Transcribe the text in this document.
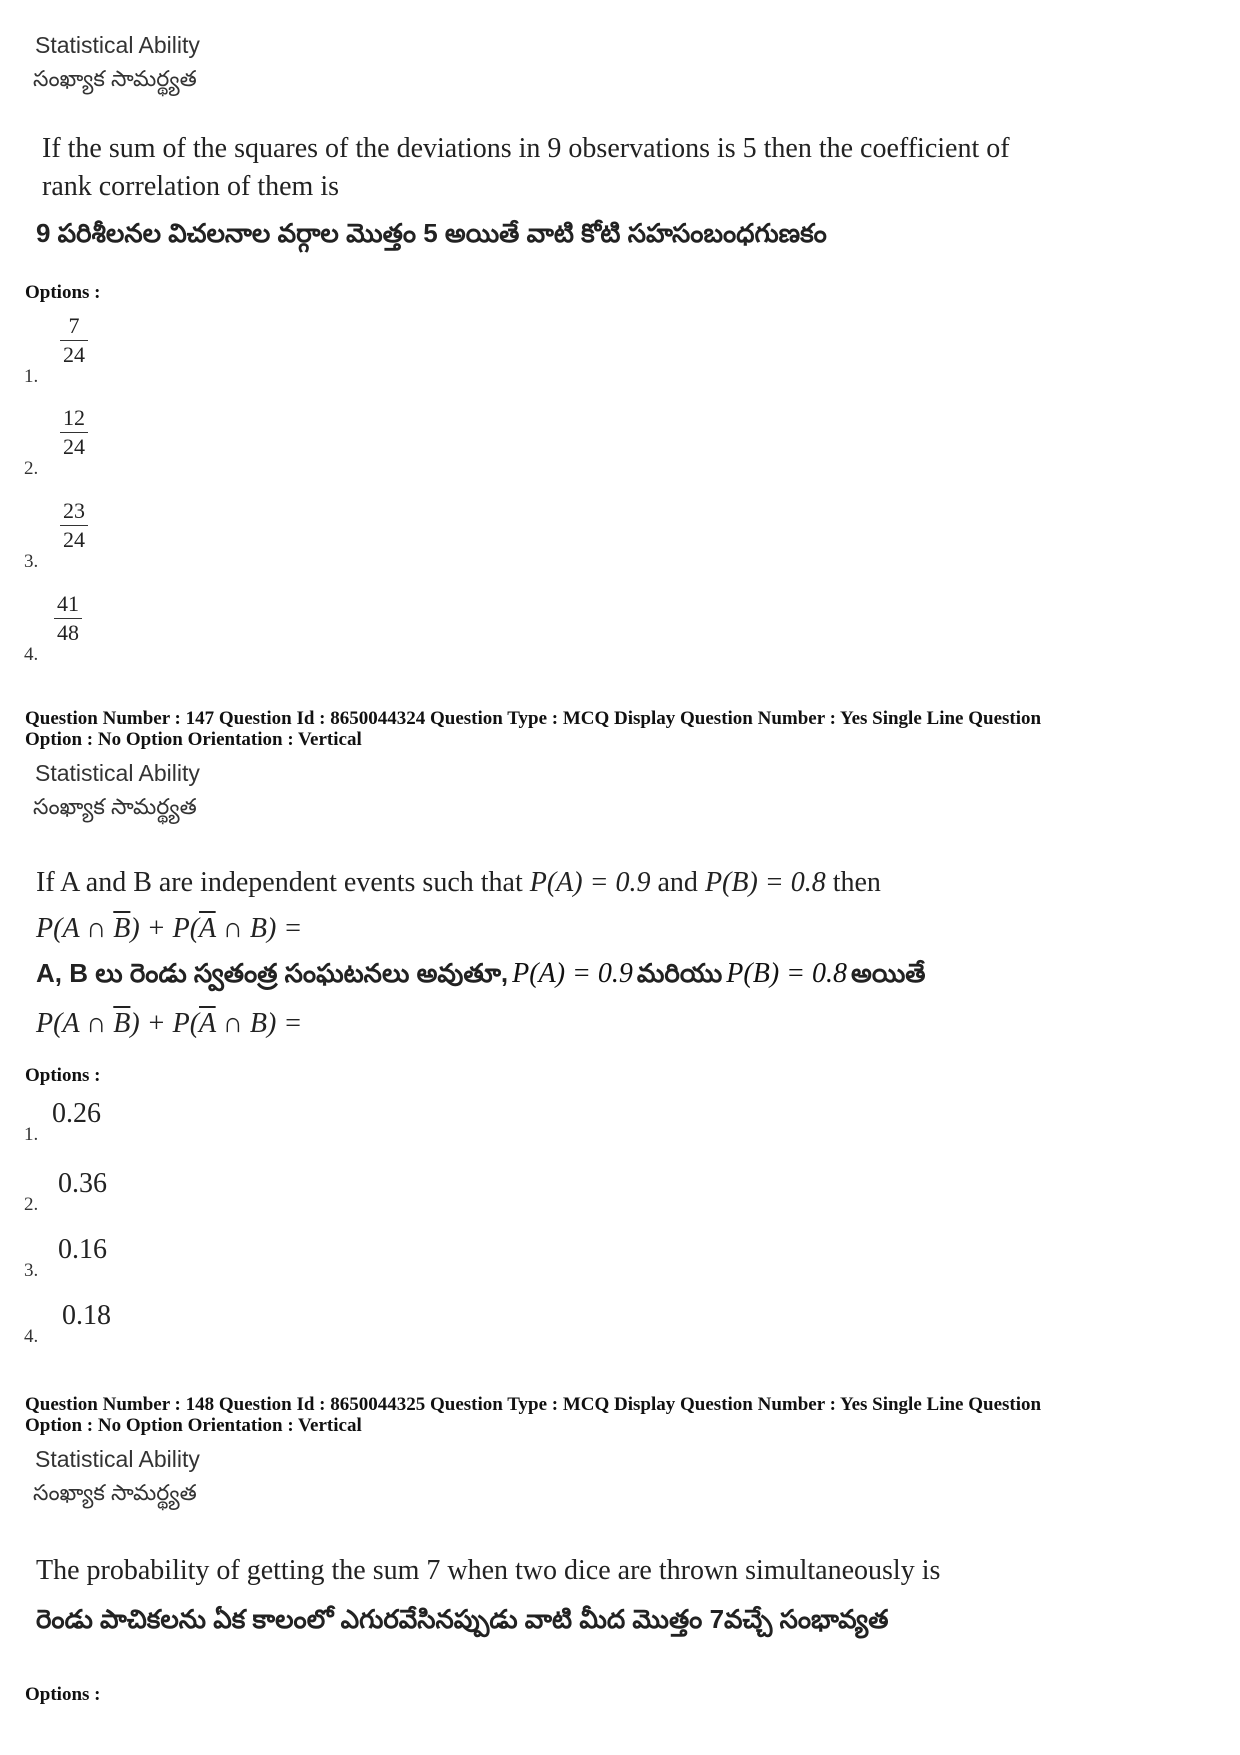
Statistical Ability
సంఖ్యాక సామర్థ్యత
If the sum of the squares of the deviations in 9 observations is 5 then the coefficient of
rank correlation of them is
9 పరిశీలనల విచలనాల వర్గాల మొత్తం 5 అయితే వాటి కోటి సహసంబంధగుణకం
Options :
1.
7
24
2.
12
24
3.
23
24
4.
41
48
Question Number : 147 Question Id : 8650044324 Question Type : MCQ Display Question Number : Yes Single Line Question
Option : No Option Orientation : Vertical
Statistical Ability
సంఖ్యాక సామర్థ్యత
If A and B are independent events such that P(A) = 0.9 and P(B) = 0.8 then
P(A ∩ $\overline{B}) + P(\overline{A}$ ∩ B) =
A, B లు రెండు స్వతంత్ర సంఘటనలు అవుతూ, P(A) = 0.9 మరియు P(B) = 0.8 అయితే
P(A ∩ $\overline{B}) + P(\overline{A}$ ∩ B) =
Options :
1.
0.26
2.
0.36
3.
0.16
4.
0.18
Question Number : 148 Question Id : 8650044325 Question Type : MCQ Display Question Number : Yes Single Line Question
Option : No Option Orientation : Vertical
Statistical Ability
సంఖ్యాక సామర్థ్యత
The probability of getting the sum 7 when two dice are thrown simultaneously is
రెండు పాచికలను ఏక కాలంలో ఎగురవేసినప్పుడు వాటి మీద మొత్తం 7వచ్చే సంభావ్యత
Options :
